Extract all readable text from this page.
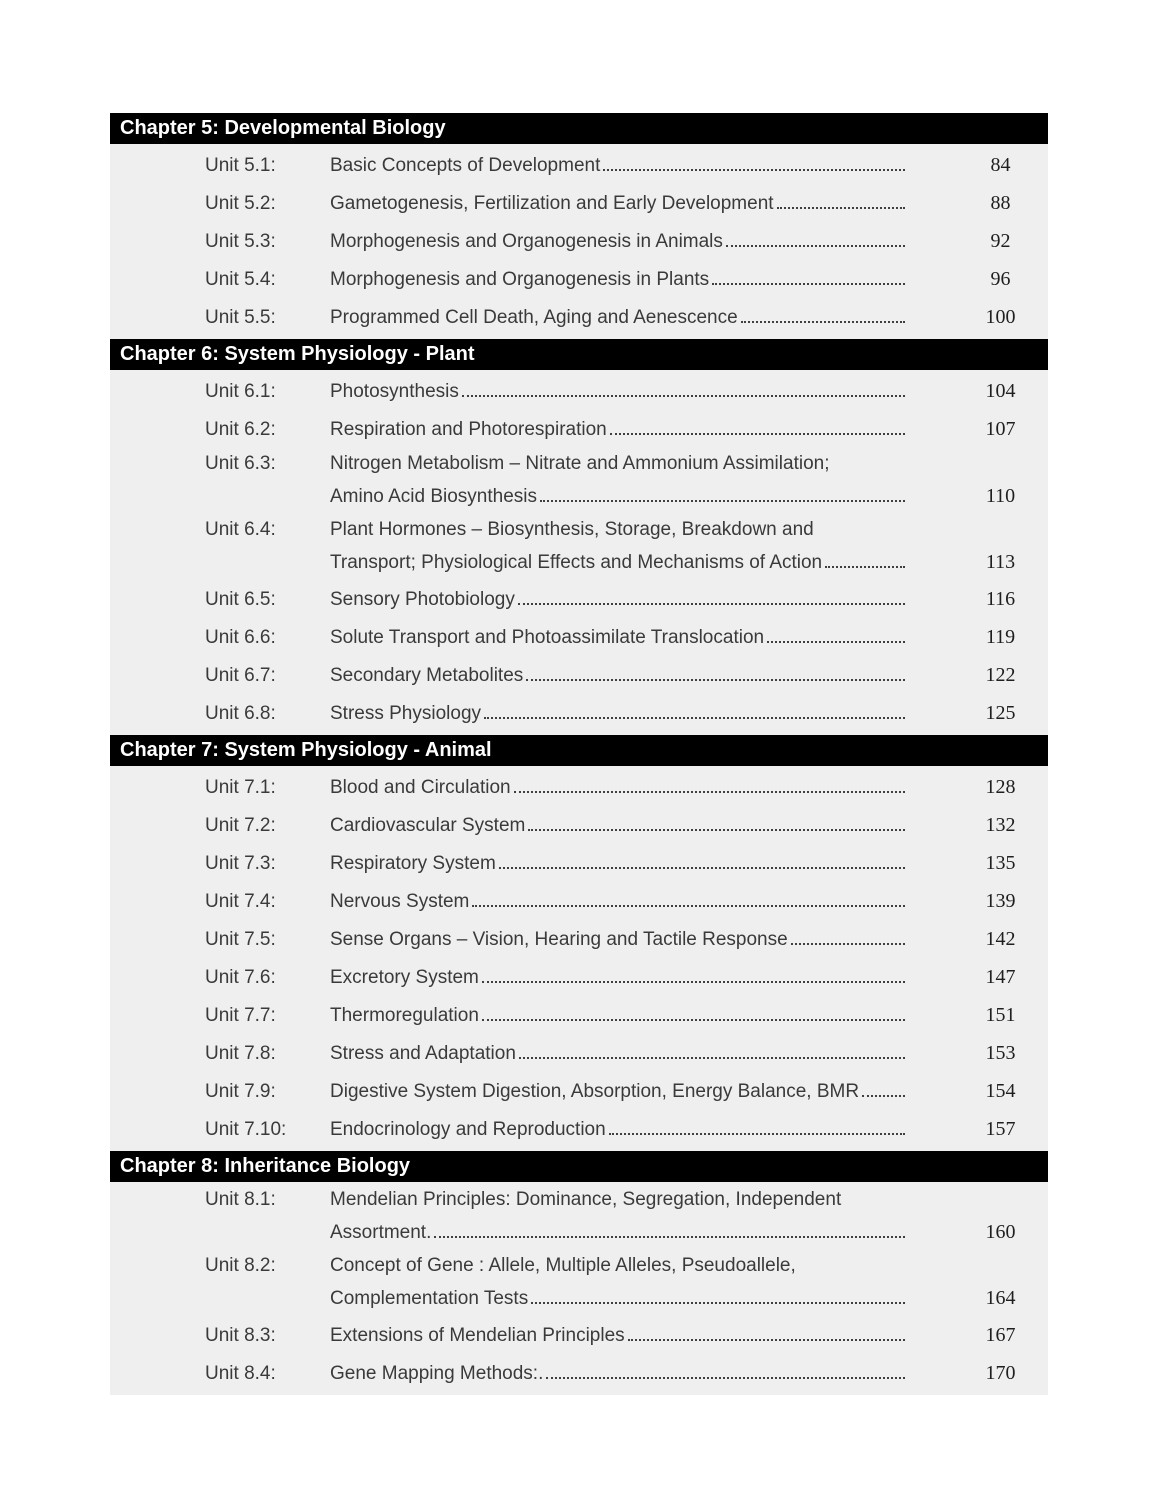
Chapter 5: Developmental Biology
Unit 5.1:	Basic Concepts of Development	84
Unit 5.2:	Gametogenesis, Fertilization and Early Development	88
Unit 5.3:	Morphogenesis and Organogenesis in Animals	92
Unit 5.4:	Morphogenesis and Organogenesis in Plants	96
Unit 5.5:	Programmed Cell Death, Aging and Aenescence	100
Chapter 6: System Physiology - Plant
Unit 6.1:	Photosynthesis	104
Unit 6.2:	Respiration and Photorespiration	107
Unit 6.3:	Nitrogen Metabolism – Nitrate and Ammonium Assimilation;
Amino Acid Biosynthesis	110
Unit 6.4:	Plant Hormones – Biosynthesis, Storage, Breakdown and
Transport; Physiological Effects and Mechanisms of Action	113
Unit 6.5:	Sensory Photobiology	116
Unit 6.6:	Solute Transport and Photoassimilate Translocation	119
Unit 6.7:	Secondary Metabolites	122
Unit 6.8:	Stress Physiology	125
Chapter 7: System Physiology - Animal
Unit 7.1:	Blood and Circulation	128
Unit 7.2:	Cardiovascular System	132
Unit 7.3:	Respiratory System	135
Unit 7.4:	Nervous System	139
Unit 7.5:	Sense Organs – Vision, Hearing and Tactile Response	142
Unit 7.6:	Excretory System	147
Unit 7.7:	Thermoregulation	151
Unit 7.8:	Stress and Adaptation	153
Unit 7.9:	Digestive System Digestion, Absorption, Energy Balance, BMR	154
Unit 7.10:	Endocrinology and Reproduction	157
Chapter 8: Inheritance Biology
Unit 8.1:	Mendelian Principles: Dominance, Segregation, Independent
Assortment.	160
Unit 8.2:	Concept of Gene : Allele, Multiple Alleles, Pseudoallele,
Complementation Tests	164
Unit 8.3:	Extensions of Mendelian Principles	167
Unit 8.4:	Gene Mapping Methods:.	170
